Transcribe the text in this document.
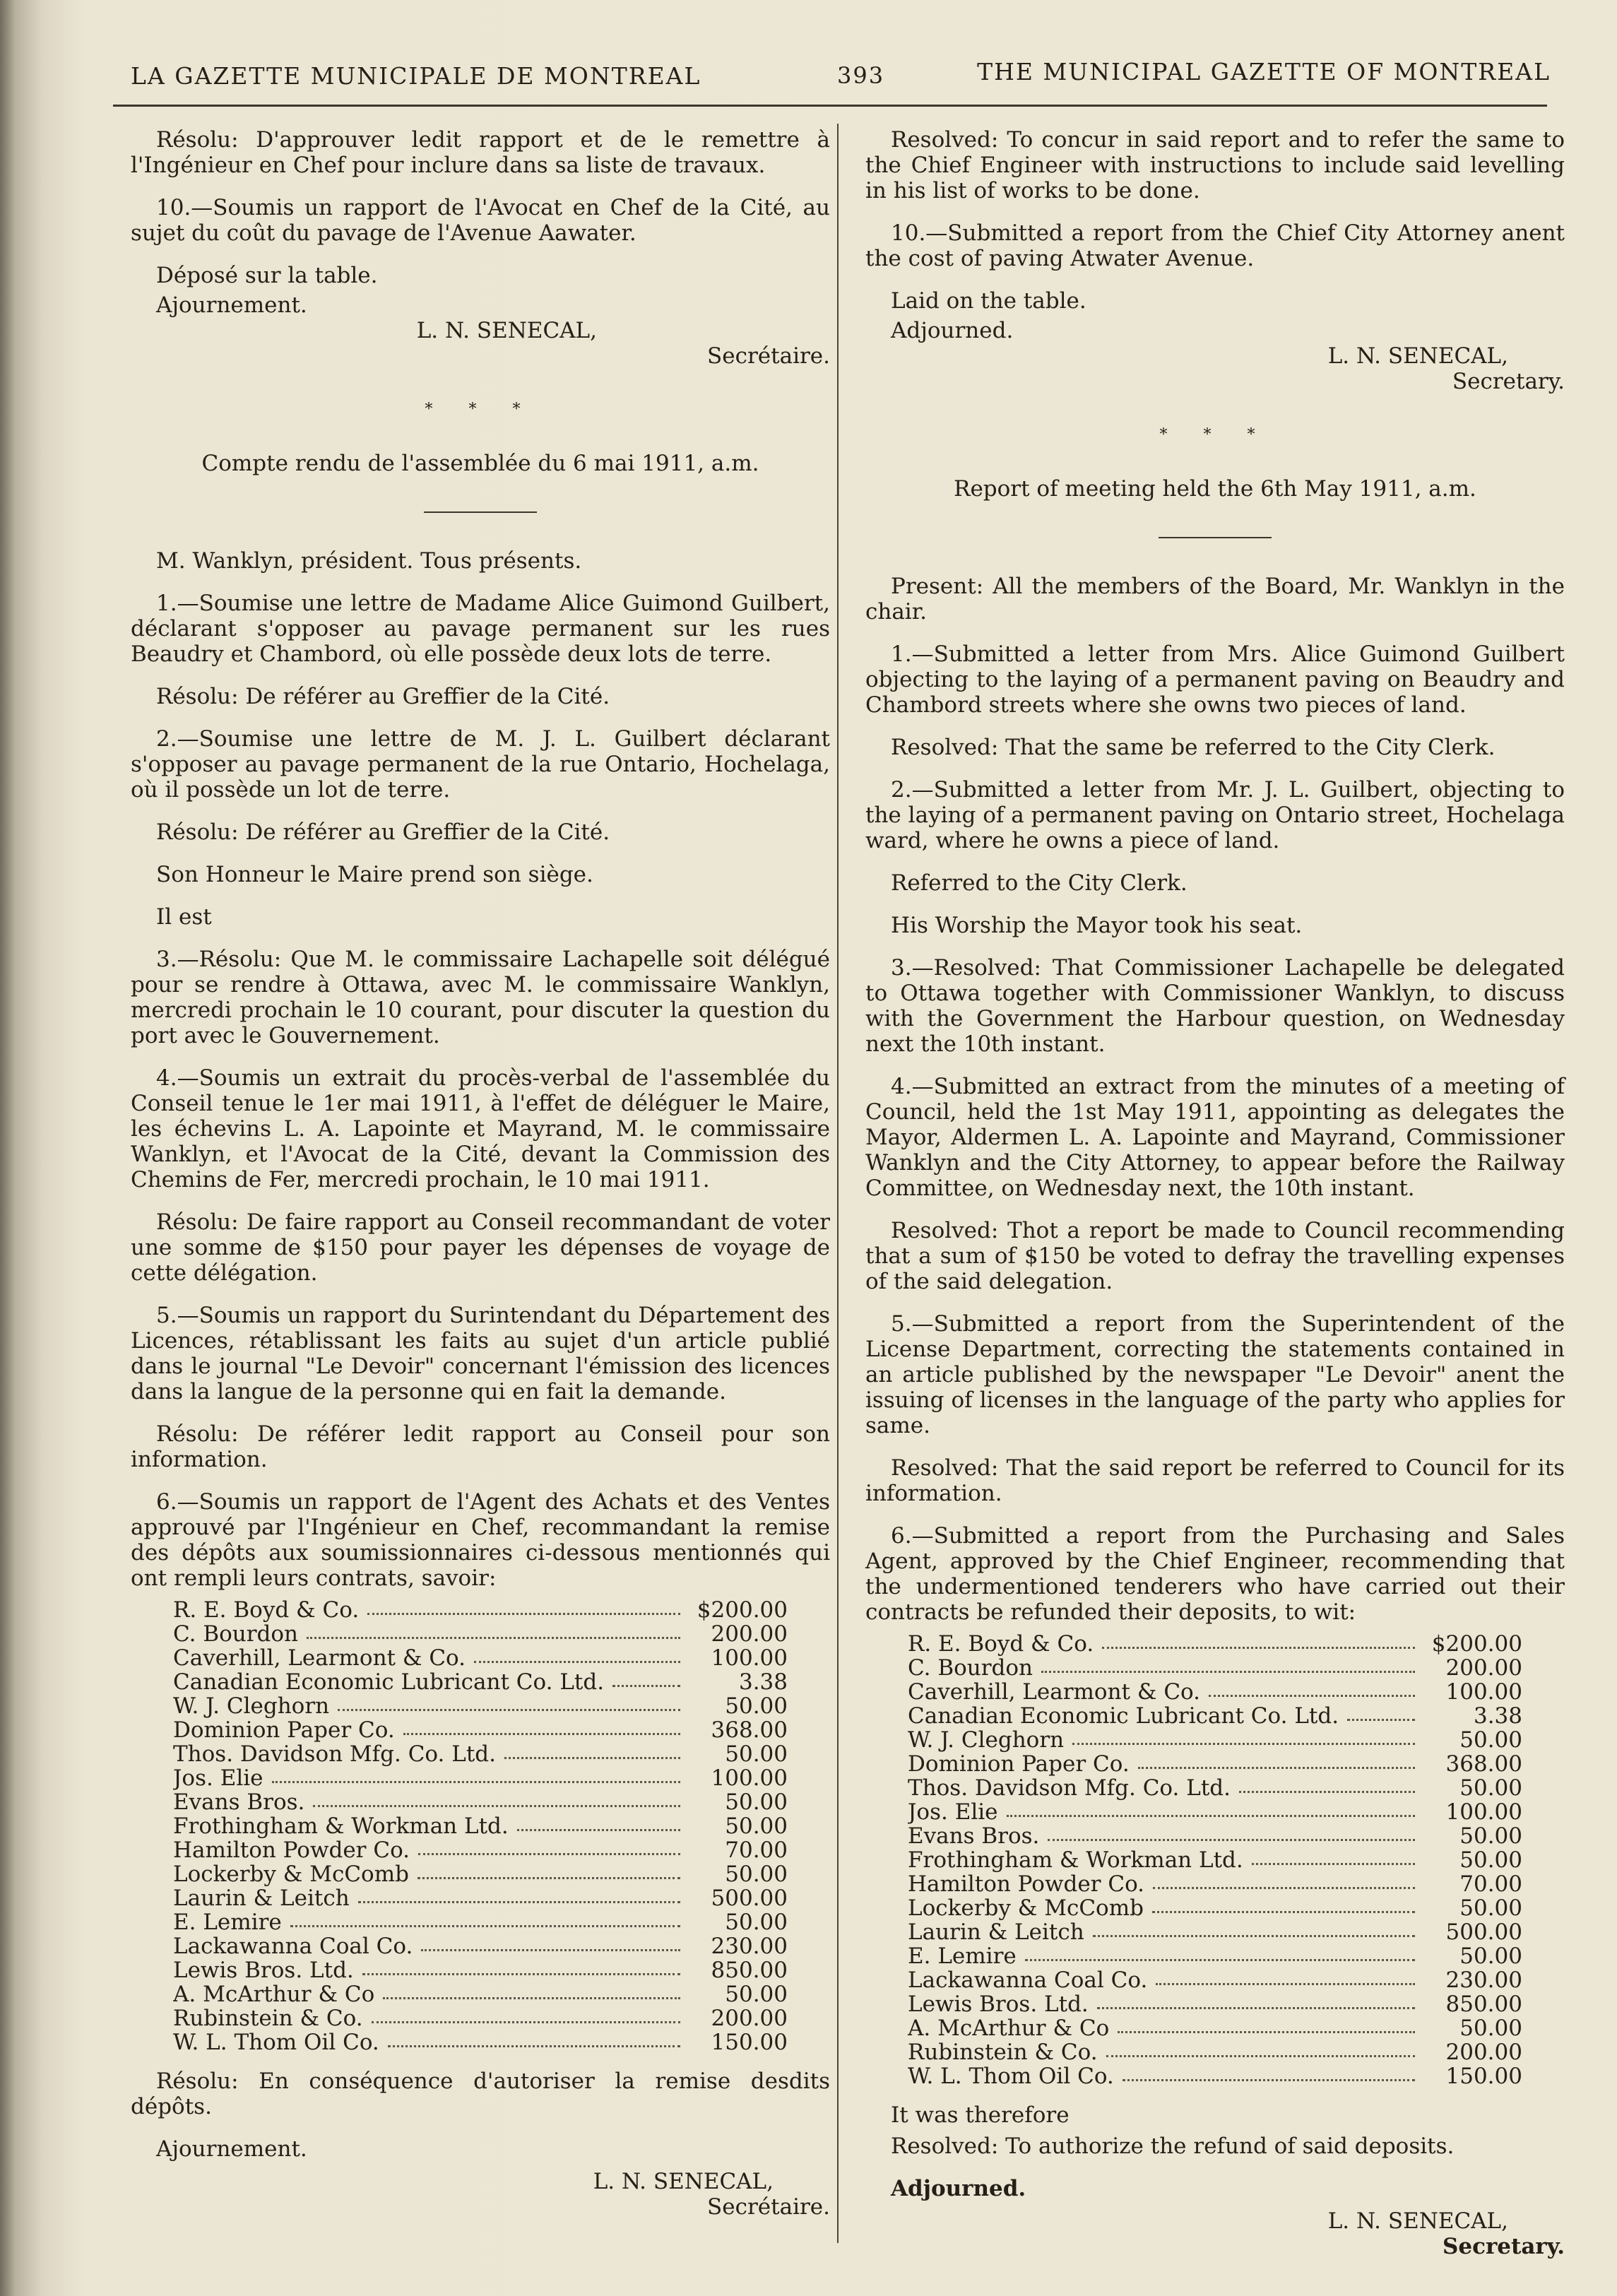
LA GAZETTE MUNICIPALE DE MONTREAL	393	THE MUNICIPAL GAZETTE OF MONTREAL

Résolu: D'approuver ledit rapport et de le remettre à l'Ingénieur en Chef pour inclure dans sa liste de travaux.

10.—Soumis un rapport de l'Avocat en Chef de la Cité, au sujet du coût du pavage de l'Avenue Aawater.

Déposé sur la table.

Ajournement.

L. N. SENECAL,

Secrétaire.

* * *

Compte rendu de l'assemblée du 6 mai 1911, a.m.

M. Wanklyn, président. Tous présents.

1.—Soumise une lettre de Madame Alice Guimond Guilbert, déclarant s'opposer au pavage permanent sur les rues Beaudry et Chambord, où elle possède deux lots de terre.

Résolu: De référer au Greffier de la Cité.

2.—Soumise une lettre de M. J. L. Guilbert déclarant s'opposer au pavage permanent de la rue Ontario, Hochelaga, où il possède un lot de terre.

Résolu: De référer au Greffier de la Cité.

Son Honneur le Maire prend son siège.

Il est

3.—Résolu: Que M. le commissaire Lachapelle soit délégué pour se rendre à Ottawa, avec M. le commissaire Wanklyn, mercredi prochain le 10 courant, pour discuter la question du port avec le Gouvernement.

4.—Soumis un extrait du procès-verbal de l'assemblée du Conseil tenue le 1er mai 1911, à l'effet de déléguer le Maire, les échevins L. A. Lapointe et Mayrand, M. le commissaire Wanklyn, et l'Avocat de la Cité, devant la Commission des Chemins de Fer, mercredi prochain, le 10 mai 1911.

Résolu: De faire rapport au Conseil recommandant de voter une somme de $150 pour payer les dépenses de voyage de cette délégation.

5.—Soumis un rapport du Surintendant du Département des Licences, rétablissant les faits au sujet d'un article publié dans le journal "Le Devoir" concernant l'émission des licences dans la langue de la personne qui en fait la demande.

Résolu: De référer ledit rapport au Conseil pour son information.

6.—Soumis un rapport de l'Agent des Achats et des Ventes approuvé par l'Ingénieur en Chef, recommandant la remise des dépôts aux soumissionnaires ci-dessous mentionnés qui ont rempli leurs contrats, savoir:

R. E. Boyd & Co.	$200.00
C. Bourdon	200.00
Caverhill, Learmont & Co.	100.00
Canadian Economic Lubricant Co. Ltd.	3.38
W. J. Cleghorn	50.00
Dominion Paper Co.	368.00
Thos. Davidson Mfg. Co. Ltd.	50.00
Jos. Elie	100.00
Evans Bros.	50.00
Frothingham & Workman Ltd.	50.00
Hamilton Powder Co.	70.00
Lockerby & McComb	50.00
Laurin & Leitch	500.00
E. Lemire	50.00
Lackawanna Coal Co.	230.00
Lewis Bros. Ltd.	850.00
A. McArthur & Co	50.00
Rubinstein & Co.	200.00
W. L. Thom Oil Co.	150.00

Résolu: En conséquence d'autoriser la remise desdits dépôts.

Ajournement.

L. N. SENECAL,

Secrétaire.

Resolved: To concur in said report and to refer the same to the Chief Engineer with instructions to include said levelling in his list of works to be done.

10.—Submitted a report from the Chief City Attorney anent the cost of paving Atwater Avenue.

Laid on the table.

Adjourned.

L. N. SENECAL,

Secretary.

* * *

Report of meeting held the 6th May 1911, a.m.

Present: All the members of the Board, Mr. Wanklyn in the chair.

1.—Submitted a letter from Mrs. Alice Guimond Guilbert objecting to the laying of a permanent paving on Beaudry and Chambord streets where she owns two pieces of land.

Resolved: That the same be referred to the City Clerk.

2.—Submitted a letter from Mr. J. L. Guilbert, objecting to the laying of a permanent paving on Ontario street, Hochelaga ward, where he owns a piece of land.

Referred to the City Clerk.

His Worship the Mayor took his seat.

3.—Resolved: That Commissioner Lachapelle be delegated to Ottawa together with Commissioner Wanklyn, to discuss with the Government the Harbour question, on Wednesday next the 10th instant.

4.—Submitted an extract from the minutes of a meeting of Council, held the 1st May 1911, appointing as delegates the Mayor, Aldermen L. A. Lapointe and Mayrand, Commissioner Wanklyn and the City Attorney, to appear before the Railway Committee, on Wednesday next, the 10th instant.

Resolved: Thot a report be made to Council recommending that a sum of $150 be voted to defray the travelling expenses of the said delegation.

5.—Submitted a report from the Superintendent of the License Department, correcting the statements contained in an article published by the newspaper "Le Devoir" anent the issuing of licenses in the language of the party who applies for same.

Resolved: That the said report be referred to Council for its information.

6.—Submitted a report from the Purchasing and Sales Agent, approved by the Chief Engineer, recommending that the undermentioned tenderers who have carried out their contracts be refunded their deposits, to wit:

R. E. Boyd & Co.	$200.00
C. Bourdon	200.00
Caverhill, Learmont & Co.	100.00
Canadian Economic Lubricant Co. Ltd.	3.38
W. J. Cleghorn	50.00
Dominion Paper Co.	368.00
Thos. Davidson Mfg. Co. Ltd.	50.00
Jos. Elie	100.00
Evans Bros.	50.00
Frothingham & Workman Ltd.	50.00
Hamilton Powder Co.	70.00
Lockerby & McComb	50.00
Laurin & Leitch	500.00
E. Lemire	50.00
Lackawanna Coal Co.	230.00
Lewis Bros. Ltd.	850.00
A. McArthur & Co	50.00
Rubinstein & Co.	200.00
W. L. Thom Oil Co.	150.00

It was therefore

Resolved: To authorize the refund of said deposits.

Adjourned.

L. N. SENECAL,

Secretary.
